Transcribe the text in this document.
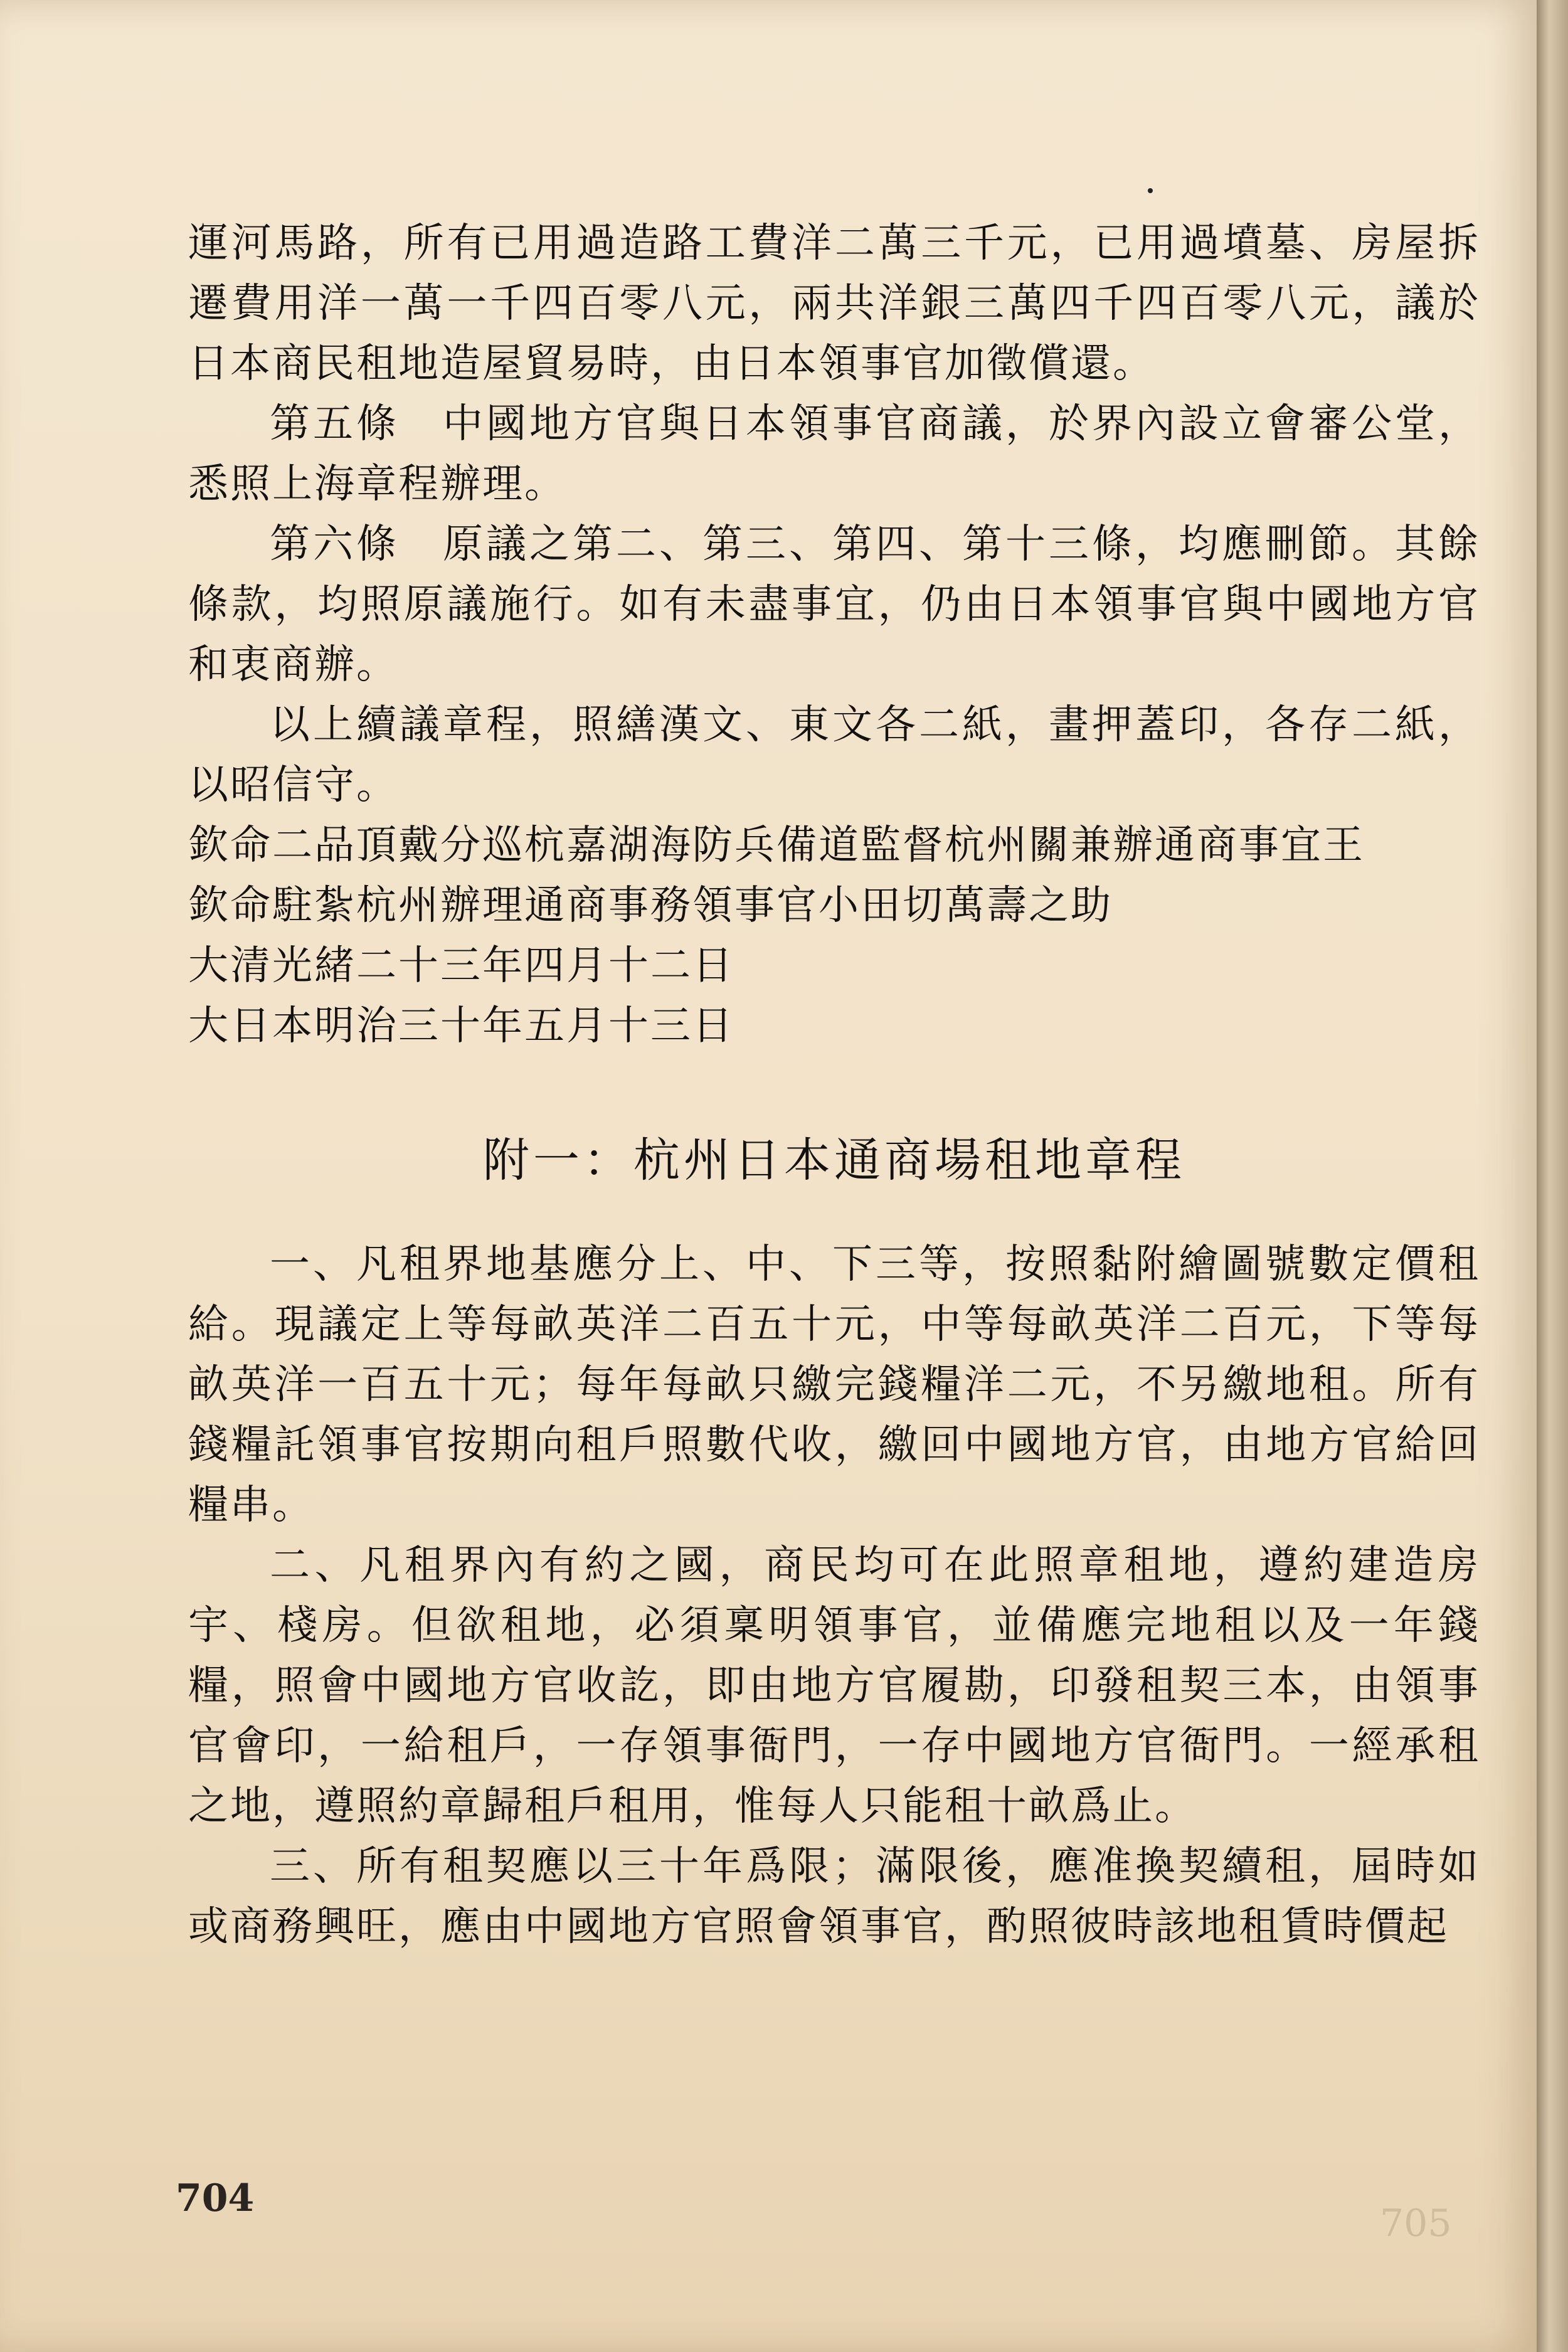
運河馬路，所有已用過造路工費洋二萬三千元，已用過墳墓、房屋拆遷費用洋一萬一千四百零八元，兩共洋銀三萬四千四百零八元，議於日本商民租地造屋貿易時，由日本領事官加徵償還。

第五條　中國地方官與日本領事官商議，於界內設立會審公堂，悉照上海章程辦理。

第六條　原議之第二、第三、第四、第十三條，均應刪節。其餘條款，均照原議施行。如有未盡事宜，仍由日本領事官與中國地方官和衷商辦。

以上續議章程，照繕漢文、東文各二紙，畫押蓋印，各存二紙，以昭信守。

欽命二品頂戴分巡杭嘉湖海防兵備道監督杭州關兼辦通商事宜王

欽命駐紮杭州辦理通商事務領事官小田切萬壽之助

大清光緒二十三年四月十二日

大日本明治三十年五月十三日

附一：杭州日本通商場租地章程

一、凡租界地基應分上、中、下三等，按照黏附繪圖號數定價租給。現議定上等每畝英洋二百五十元，中等每畝英洋二百元，下等每畝英洋一百五十元；每年每畝只繳完錢糧洋二元，不另繳地租。所有錢糧託領事官按期向租戶照數代收，繳回中國地方官，由地方官給回糧串。

二、凡租界內有約之國，商民均可在此照章租地，遵約建造房宇、棧房。但欲租地，必須稟明領事官，並備應完地租以及一年錢糧，照會中國地方官收訖，即由地方官履勘，印發租契三本，由領事官會印，一給租戶，一存領事衙門，一存中國地方官衙門。一經承租之地，遵照約章歸租戶租用，惟每人只能租十畝爲止。

三、所有租契應以三十年爲限；滿限後，應准換契續租，屆時如或商務興旺，應由中國地方官照會領事官，酌照彼時該地租賃時價起

704
705
